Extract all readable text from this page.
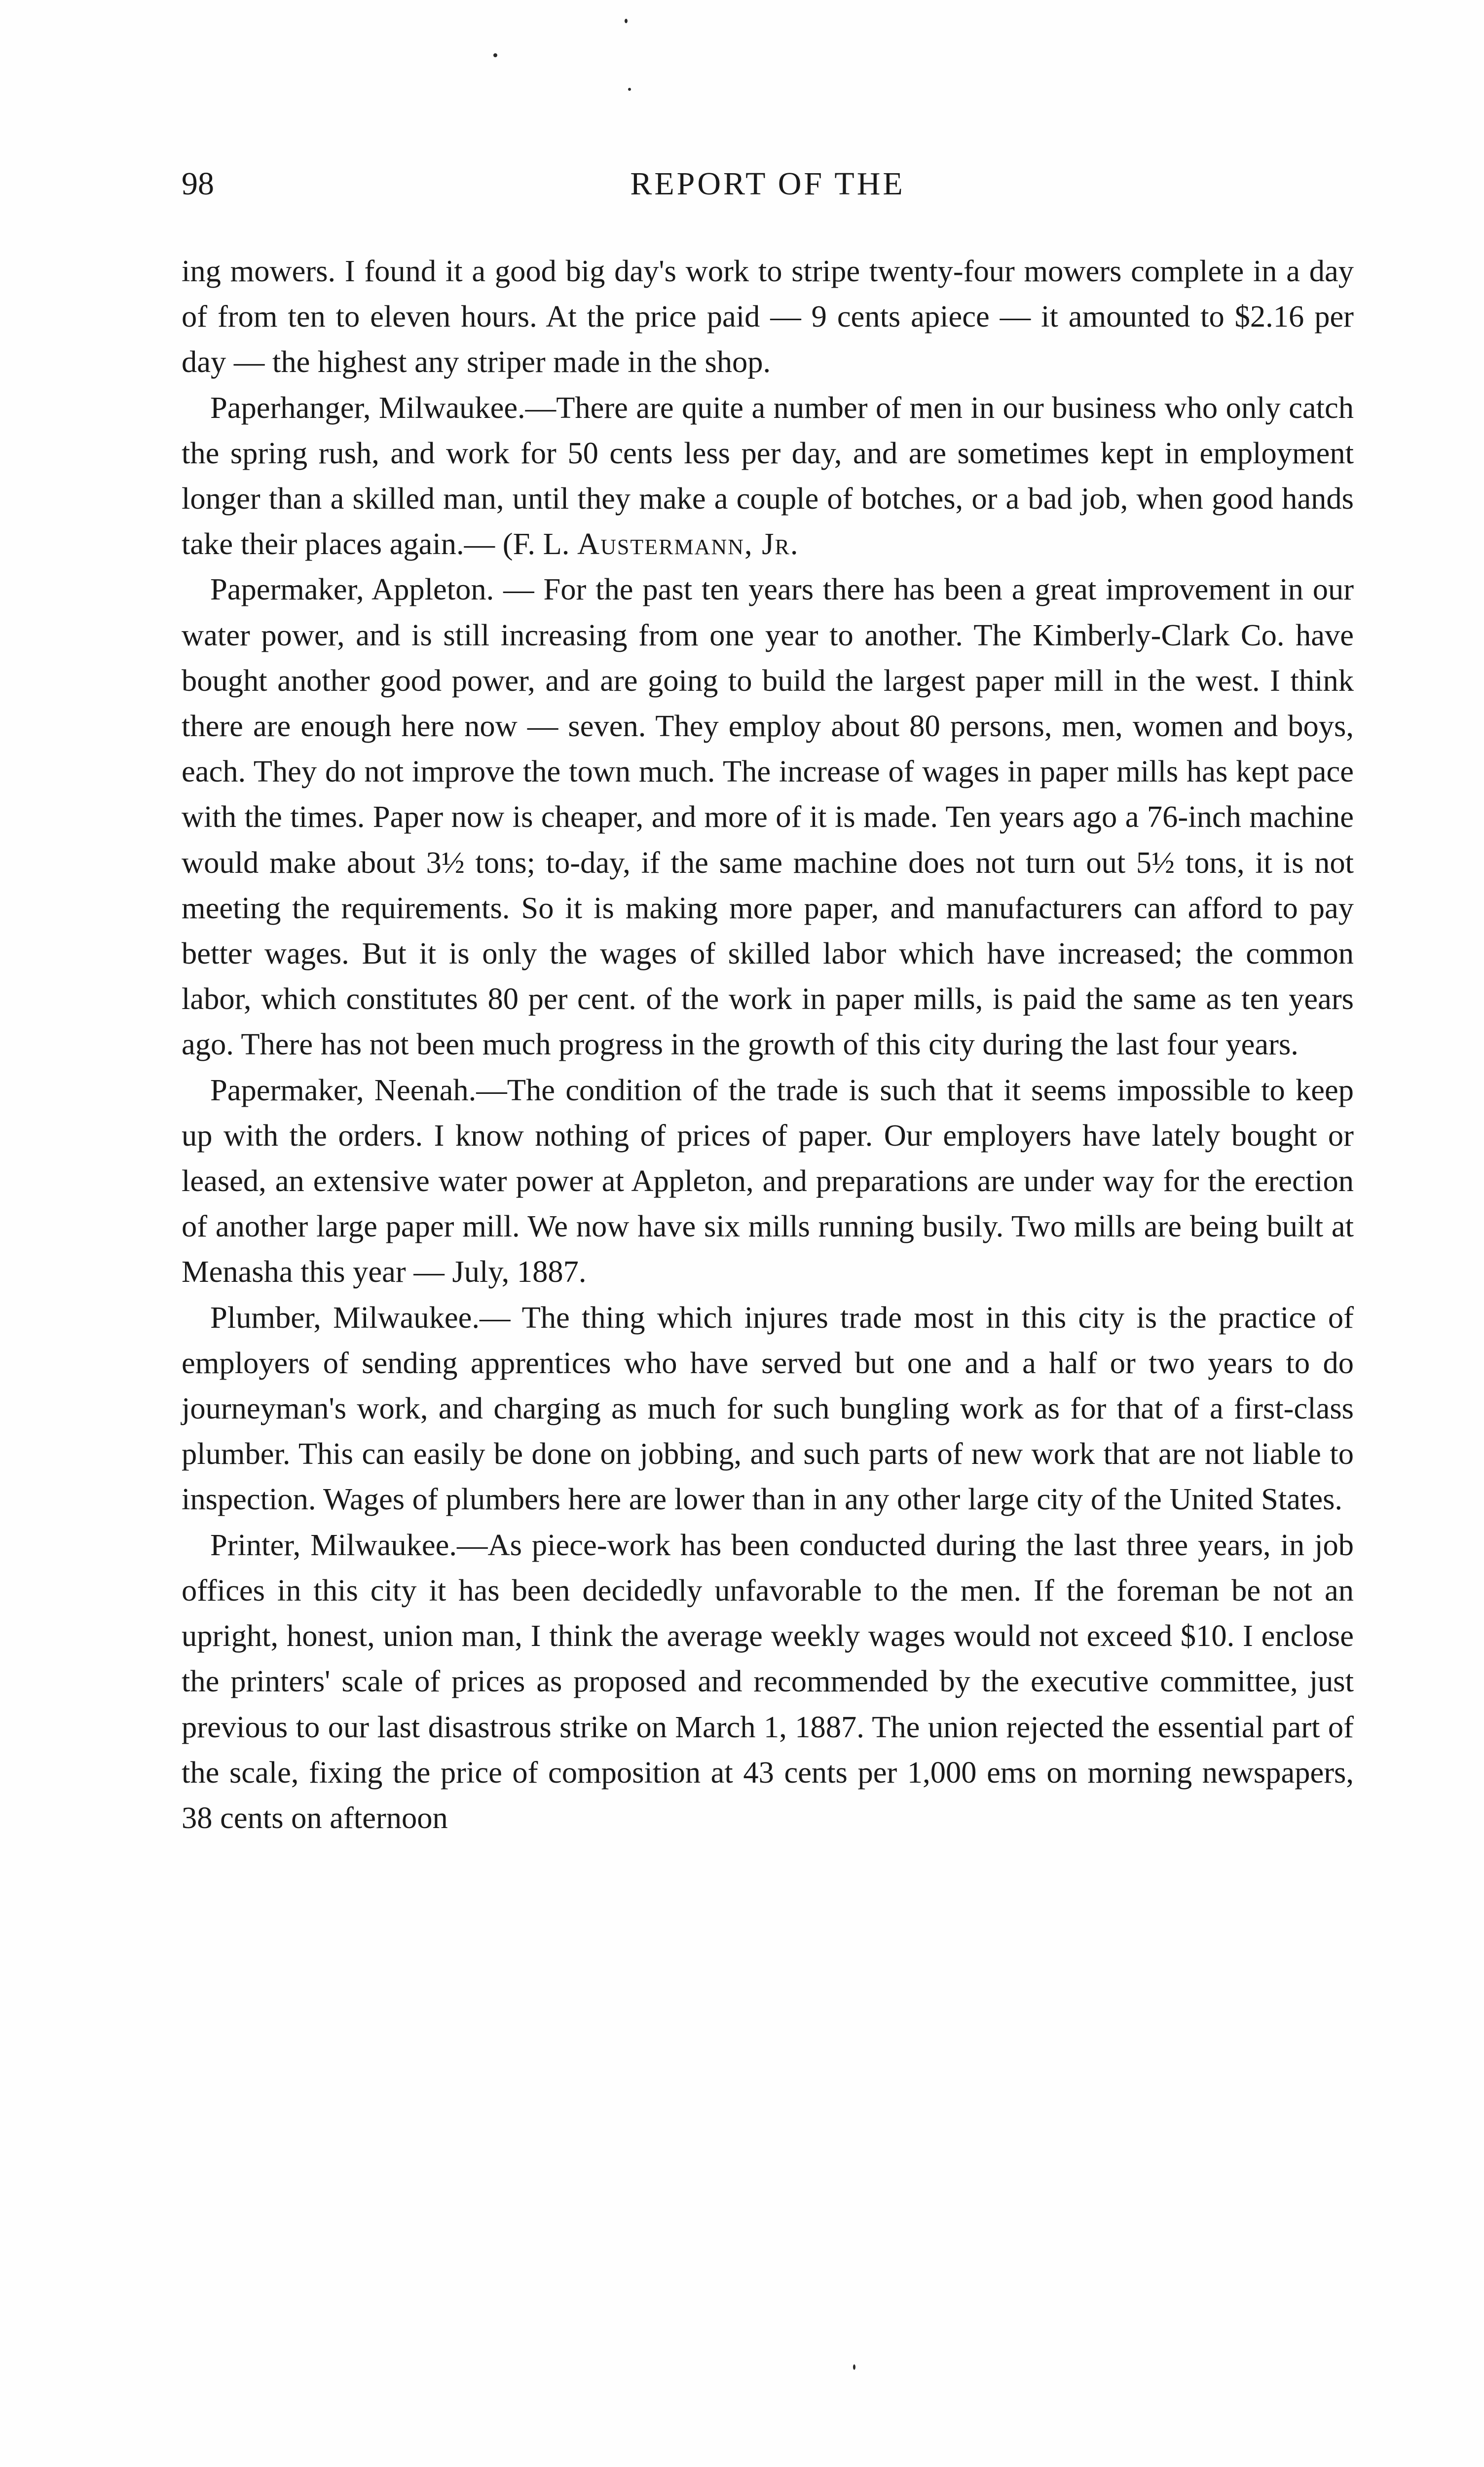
98	REPORT OF THE

ing mowers. I found it a good big day's work to stripe twenty-four mowers complete in a day of from ten to eleven hours. At the price paid — 9 cents apiece — it amounted to $2.16 per day — the highest any striper made in the shop.

Paperhanger, Milwaukee.—There are quite a number of men in our business who only catch the spring rush, and work for 50 cents less per day, and are sometimes kept in employment longer than a skilled man, until they make a couple of botches, or a bad job, when good hands take their places again.— (F. L. Austermann, Jr.

Papermaker, Appleton. — For the past ten years there has been a great improvement in our water power, and is still increasing from one year to another. The Kimberly-Clark Co. have bought another good power, and are going to build the largest paper mill in the west. I think there are enough here now — seven. They employ about 80 persons, men, women and boys, each. They do not improve the town much. The increase of wages in paper mills has kept pace with the times. Paper now is cheaper, and more of it is made. Ten years ago a 76-inch machine would make about 3½ tons; to-day, if the same machine does not turn out 5½ tons, it is not meeting the requirements. So it is making more paper, and manufacturers can afford to pay better wages. But it is only the wages of skilled labor which have increased; the common labor, which constitutes 80 per cent. of the work in paper mills, is paid the same as ten years ago. There has not been much progress in the growth of this city during the last four years.

Papermaker, Neenah.—The condition of the trade is such that it seems impossible to keep up with the orders. I know nothing of prices of paper. Our employers have lately bought or leased, an extensive water power at Appleton, and preparations are under way for the erection of another large paper mill. We now have six mills running busily. Two mills are being built at Menasha this year — July, 1887.

Plumber, Milwaukee.— The thing which injures trade most in this city is the practice of employers of sending apprentices who have served but one and a half or two years to do journeyman's work, and charging as much for such bungling work as for that of a first-class plumber. This can easily be done on jobbing, and such parts of new work that are not liable to inspection. Wages of plumbers here are lower than in any other large city of the United States.

Printer, Milwaukee.—As piece-work has been conducted during the last three years, in job offices in this city it has been decidedly unfavorable to the men. If the foreman be not an upright, honest, union man, I think the average weekly wages would not exceed $10. I enclose the printers' scale of prices as proposed and recommended by the executive committee, just previous to our last disastrous strike on March 1, 1887. The union rejected the essential part of the scale, fixing the price of composition at 43 cents per 1,000 ems on morning newspapers, 38 cents on afternoon
